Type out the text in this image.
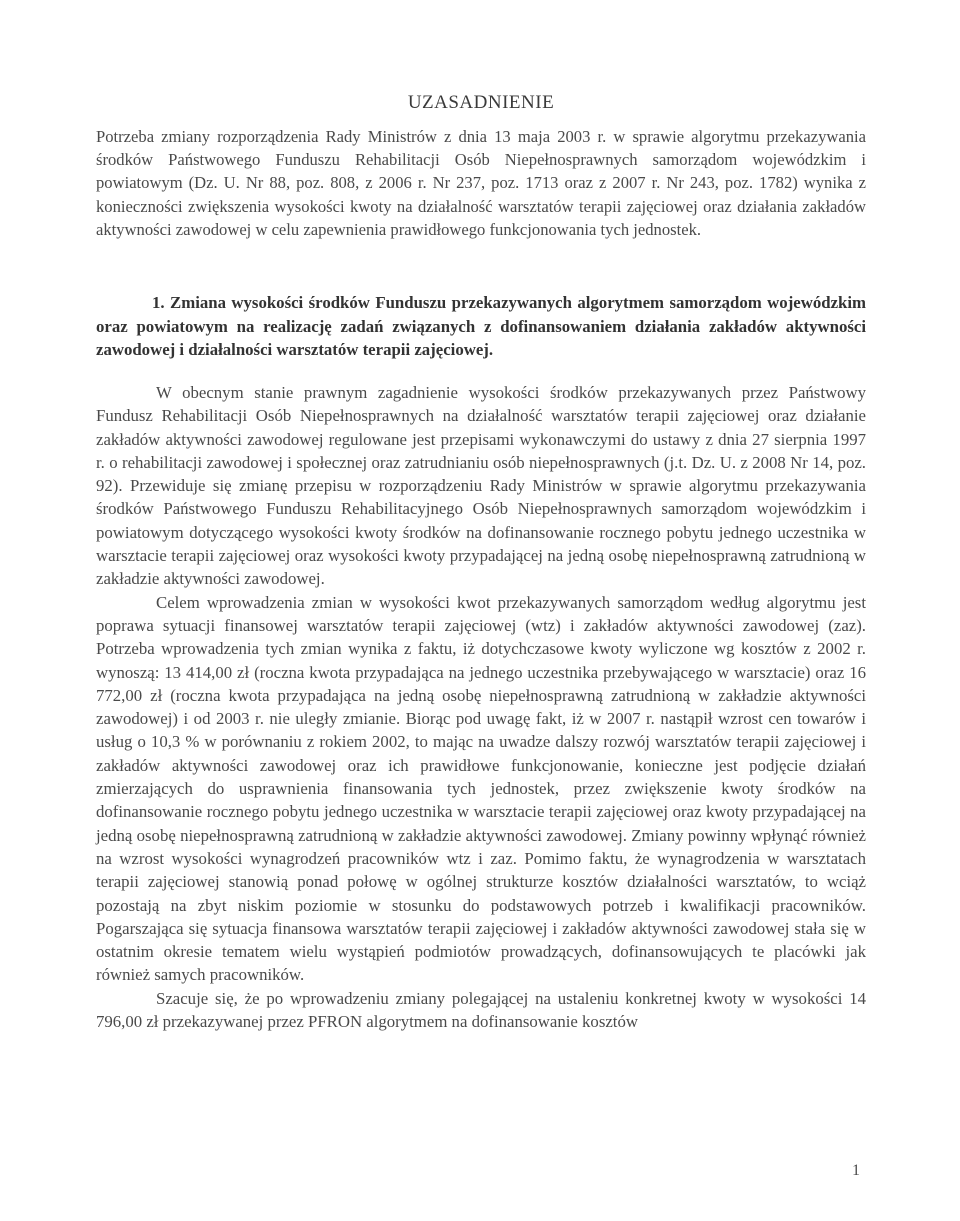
UZASADNIENIE

Potrzeba zmiany rozporządzenia Rady Ministrów z dnia 13 maja 2003 r. w sprawie algorytmu przekazywania środków Państwowego Funduszu Rehabilitacji Osób Niepełnosprawnych samorządom wojewódzkim i powiatowym (Dz. U. Nr 88, poz. 808, z 2006 r. Nr 237, poz. 1713 oraz z 2007 r. Nr 243, poz. 1782) wynika z konieczności zwiększenia wysokości kwoty na działalność warsztatów terapii zajęciowej oraz działania zakładów aktywności zawodowej w celu zapewnienia prawidłowego funkcjonowania tych jednostek.

1. Zmiana wysokości środków Funduszu przekazywanych algorytmem samorządom wojewódzkim oraz powiatowym na realizację zadań związanych z dofinansowaniem działania zakładów aktywności zawodowej i działalności warsztatów terapii zajęciowej.

W obecnym stanie prawnym zagadnienie wysokości środków przekazywanych przez Państwowy Fundusz Rehabilitacji Osób Niepełnosprawnych na działalność warsztatów terapii zajęciowej oraz działanie zakładów aktywności zawodowej regulowane jest przepisami wykonawczymi do ustawy z dnia 27 sierpnia 1997 r. o rehabilitacji zawodowej i społecznej oraz zatrudnianiu osób niepełnosprawnych (j.t. Dz. U. z 2008 Nr 14, poz. 92). Przewiduje się zmianę przepisu w rozporządzeniu Rady Ministrów w sprawie algorytmu przekazywania środków Państwowego Funduszu Rehabilitacyjnego Osób Niepełnosprawnych samorządom wojewódzkim i powiatowym dotyczącego wysokości kwoty środków na dofinansowanie rocznego pobytu jednego uczestnika w warsztacie terapii zajęciowej oraz wysokości kwoty przypadającej na jedną osobę niepełnosprawną zatrudnioną w zakładzie aktywności zawodowej.

Celem wprowadzenia zmian w wysokości kwot przekazywanych samorządom według algorytmu jest poprawa sytuacji finansowej warsztatów terapii zajęciowej (wtz) i zakładów aktywności zawodowej (zaz). Potrzeba wprowadzenia tych zmian wynika z faktu, iż dotychczasowe kwoty wyliczone wg kosztów z 2002 r. wynoszą: 13 414,00 zł (roczna kwota przypadająca na jednego uczestnika przebywającego w warsztacie) oraz 16 772,00 zł (roczna kwota przypadająca na jedną osobę niepełnosprawną zatrudnioną w zakładzie aktywności zawodowej) i od 2003 r. nie uległy zmianie. Biorąc pod uwagę fakt, iż w 2007 r. nastąpił wzrost cen towarów i usług o 10,3 % w porównaniu z rokiem 2002, to mając na uwadze dalszy rozwój warsztatów terapii zajęciowej i zakładów aktywności zawodowej oraz ich prawidłowe funkcjonowanie, konieczne jest podjęcie działań zmierzających do usprawnienia finansowania tych jednostek, przez zwiększenie kwoty środków na dofinansowanie rocznego pobytu jednego uczestnika w warsztacie terapii zajęciowej oraz kwoty przypadającej na jedną osobę niepełnosprawną zatrudnioną w zakładzie aktywności zawodowej. Zmiany powinny wpłynąć również na wzrost wysokości wynagrodzeń pracowników wtz i zaz. Pomimo faktu, że wynagrodzenia w warsztatach terapii zajęciowej stanowią ponad połowę w ogólnej strukturze kosztów działalności warsztatów, to wciąż pozostają na zbyt niskim poziomie w stosunku do podstawowych potrzeb i kwalifikacji pracowników. Pogarszająca się sytuacja finansowa warsztatów terapii zajęciowej i zakładów aktywności zawodowej stała się w ostatnim okresie tematem wielu wystąpień podmiotów prowadzących, dofinansowujących te placówki jak również samych pracowników.

Szacuje się, że po wprowadzeniu zmiany polegającej na ustaleniu konkretnej kwoty w wysokości 14 796,00 zł przekazywanej przez PFRON algorytmem na dofinansowanie kosztów

1
